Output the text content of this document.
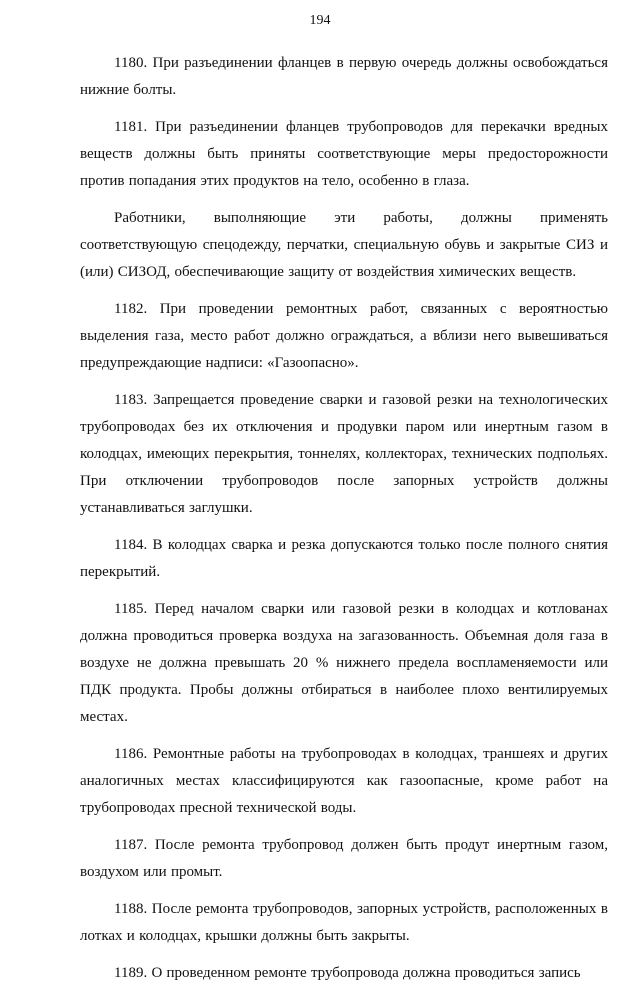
194

1180. При разъединении фланцев в первую очередь должны освобождаться нижние болты.

1181. При разъединении фланцев трубопроводов для перекачки вредных веществ должны быть приняты соответствующие меры предосторожности против попадания этих продуктов на тело, особенно в глаза.

Работники, выполняющие эти работы, должны применять соответствующую спецодежду, перчатки, специальную обувь и закрытые СИЗ и (или) СИЗОД, обеспечивающие защиту от воздействия химических веществ.

1182. При проведении ремонтных работ, связанных с вероятностью выделения газа, место работ должно ограждаться, а вблизи него вывешиваться предупреждающие надписи: «Газоопасно».

1183. Запрещается проведение сварки и газовой резки на технологических трубопроводах без их отключения и продувки паром или инертным газом в колодцах, имеющих перекрытия, тоннелях, коллекторах, технических подпольях. При отключении трубопроводов после запорных устройств должны устанавливаться заглушки.

1184. В колодцах сварка и резка допускаются только после полного снятия перекрытий.

1185. Перед началом сварки или газовой резки в колодцах и котлованах должна проводиться проверка воздуха на загазованность. Объемная доля газа в воздухе не должна превышать 20 % нижнего предела воспламеняемости или ПДК продукта. Пробы должны отбираться в наиболее плохо вентилируемых местах.

1186. Ремонтные работы на трубопроводах в колодцах, траншеях и других аналогичных местах классифицируются как газоопасные, кроме работ на трубопроводах пресной технической воды.

1187. После ремонта трубопровод должен быть продут инертным газом, воздухом или промыт.

1188. После ремонта трубопроводов, запорных устройств, расположенных в лотках и колодцах, крышки должны быть закрыты.

1189. О проведенном ремонте трубопровода должна проводиться запись
